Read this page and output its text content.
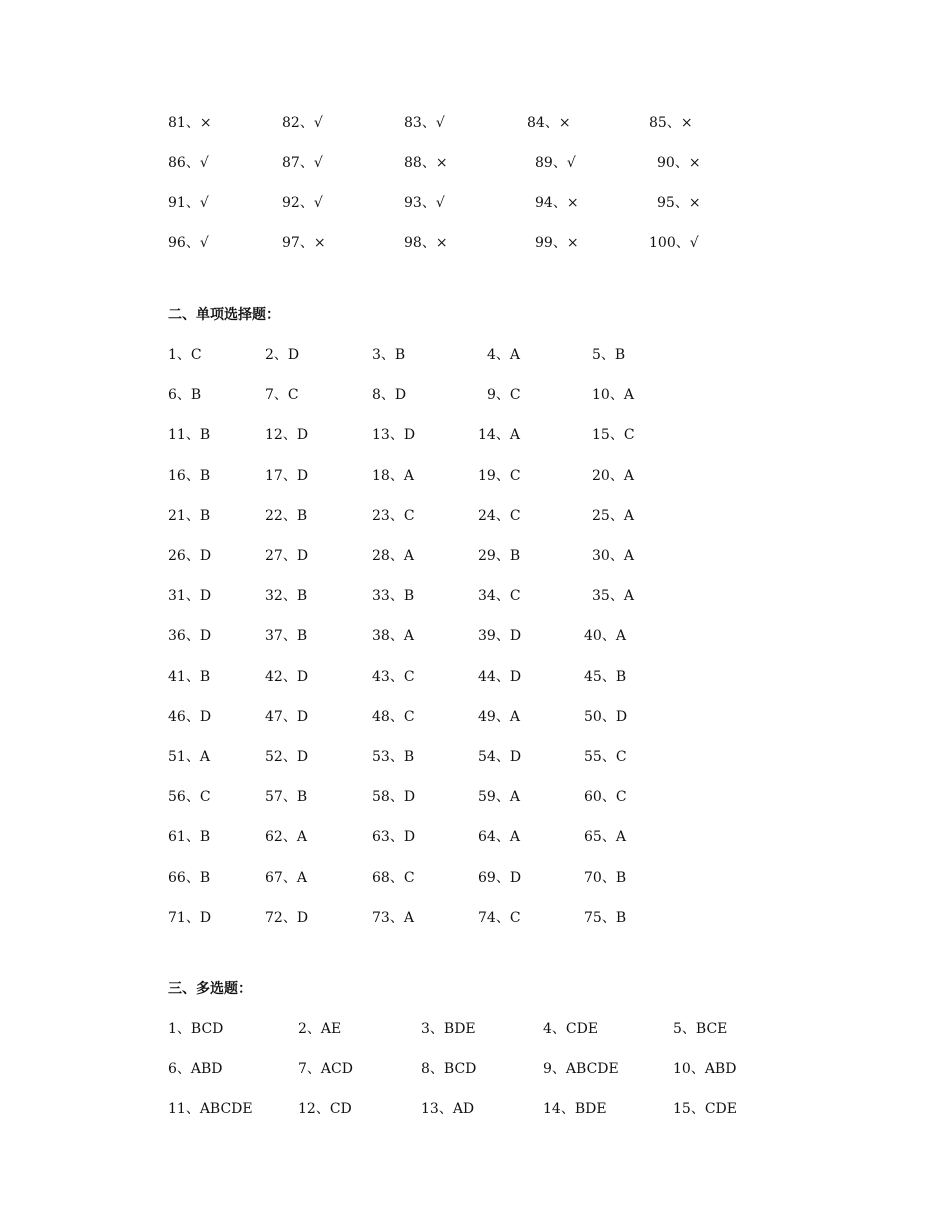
81、×	82、√	83、√	84、×	85、×
86、√	87、√	88、×	89、√	90、×
91、√	92、√	93、√	94、×	95、×
96、√	97、×	98、×	99、×	100、√
二、单项选择题：
1、C	2、D	3、B	4、A	5、B
6、B	7、C	8、D	9、C	10、A
11、B	12、D	13、D	14、A	15、C
16、B	17、D	18、A	19、C	20、A
21、B	22、B	23、C	24、C	25、A
26、D	27、D	28、A	29、B	30、A
31、D	32、B	33、B	34、C	35、A
36、D	37、B	38、A	39、D	40、A
41、B	42、D	43、C	44、D	45、B
46、D	47、D	48、C	49、A	50、D
51、A	52、D	53、B	54、D	55、C
56、C	57、B	58、D	59、A	60、C
61、B	62、A	63、D	64、A	65、A
66、B	67、A	68、C	69、D	70、B
71、D	72、D	73、A	74、C	75、B
三、多选题：
1、BCD	2、AE	3、BDE	4、CDE	5、BCE
6、ABD	7、ACD	8、BCD	9、ABCDE	10、ABD
11、ABCDE	12、CD	13、AD	14、BDE	15、CDE
